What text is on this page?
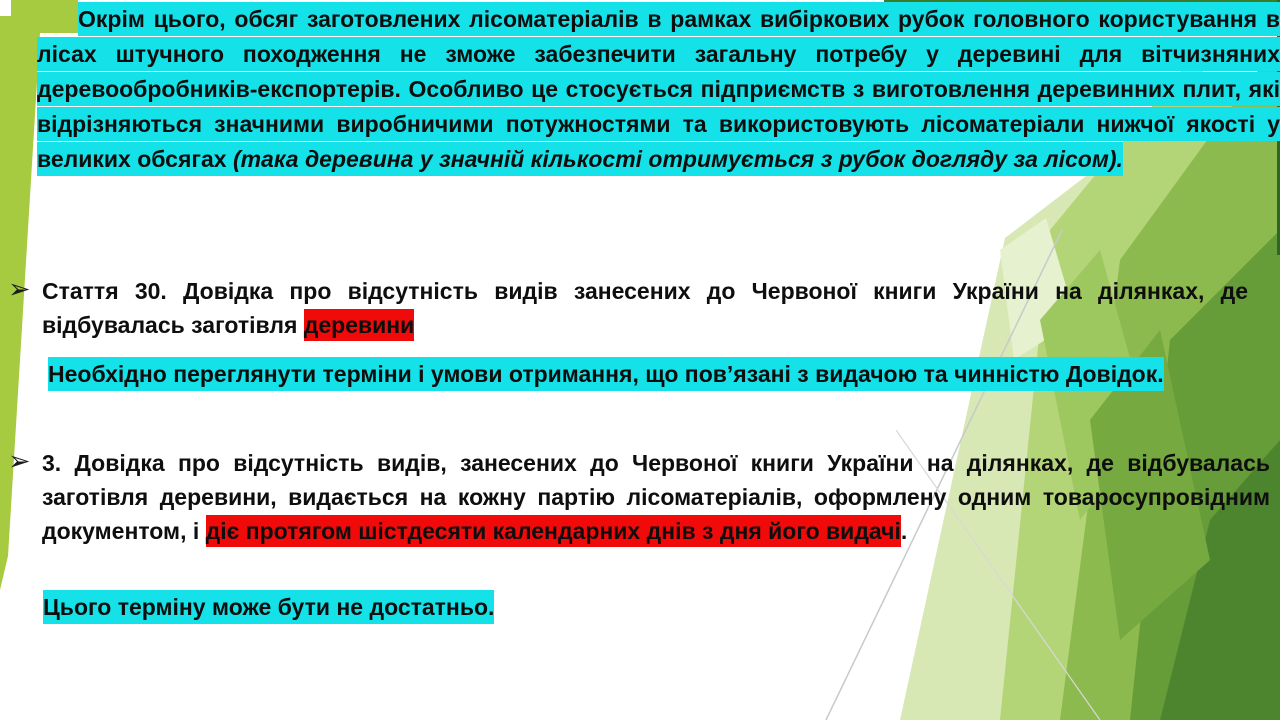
Окрім цього, обсяг заготовлених лісоматеріалів в рамках вибіркових рубок головного користування в лісах штучного походження не зможе забезпечити загальну потребу у деревині для вітчизняних деревообробників-експортерів. Особливо це стосується підприємств з виготовлення деревинних плит, які відрізняються значними виробничими потужностями та використовують лісоматеріали нижчої якості у великих обсягах (така деревина у значній кількості отримується з рубок догляду за лісом).

➢ Стаття 30. Довідка про відсутність видів занесених до Червоної книги України на ділянках, де відбувалась заготівля деревини

Необхідно переглянути терміни і умови отримання, що пов’язані з видачою та чинністю Довідок.

➢ 3. Довідка про відсутність видів, занесених до Червоної книги України на ділянках, де відбувалась заготівля деревини, видається на кожну партію лісоматеріалів, оформлену одним товаросупровідним документом, і діє протягом шістдесяти календарних днів з дня його видачі.

Цього терміну може бути не достатньо.
